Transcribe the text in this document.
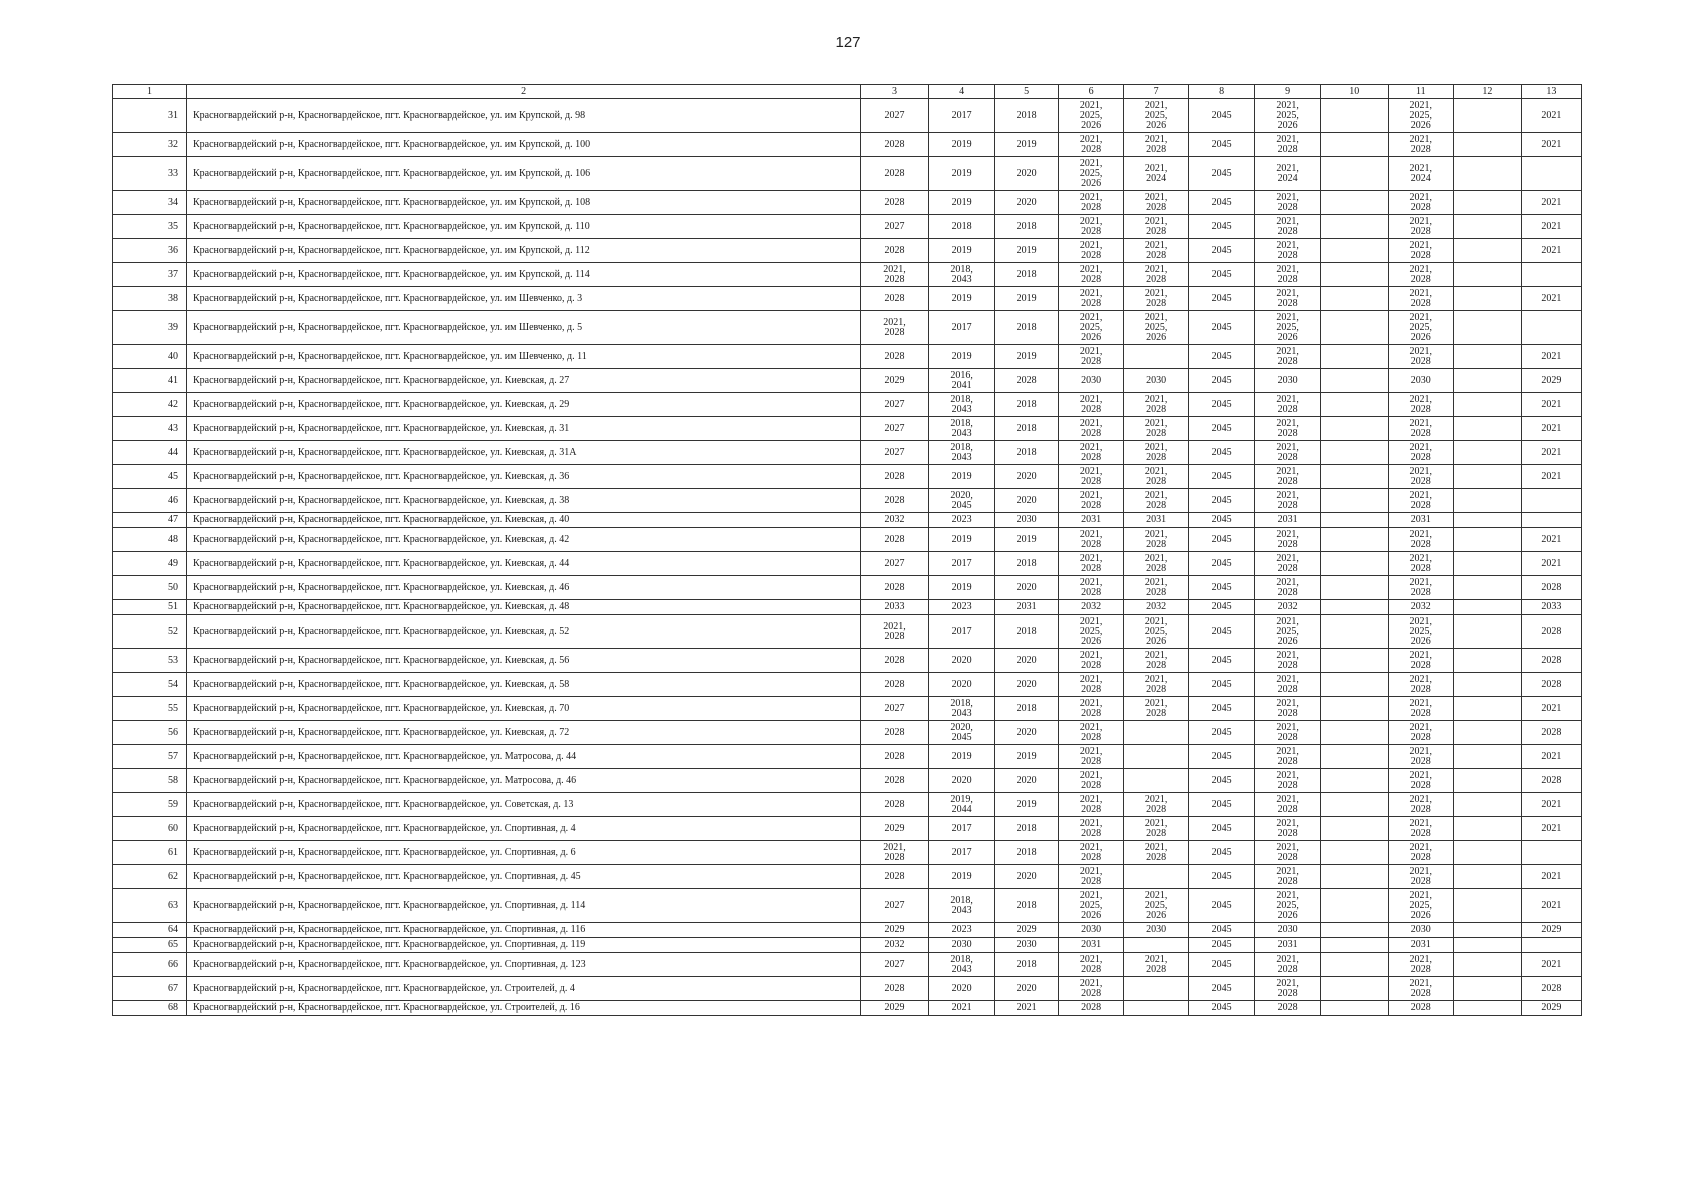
127
1	2	3	4	5	6	7	8	9	10	11	12	13
31	Красногвардейский р-н, Красногвардейское, пгт. Красногвардейское, ул. им Крупской, д. 98	2027	2017	2018	2021,
2025,
2026	2021,
2025,
2026	2045	2021,
2025,
2026		2021,
2025,
2026		2021
32	Красногвардейский р-н, Красногвардейское, пгт. Красногвардейское, ул. им Крупской, д. 100	2028	2019	2019	2021,
2028	2021,
2028	2045	2021,
2028		2021,
2028		2021
33	Красногвардейский р-н, Красногвардейское, пгт. Красногвардейское, ул. им Крупской, д. 106	2028	2019	2020	2021,
2025,
2026	2021,
2024	2045	2021,
2024		2021,
2024		
34	Красногвардейский р-н, Красногвардейское, пгт. Красногвардейское, ул. им Крупской, д. 108	2028	2019	2020	2021,
2028	2021,
2028	2045	2021,
2028		2021,
2028		2021
35	Красногвардейский р-н, Красногвардейское, пгт. Красногвардейское, ул. им Крупской, д. 110	2027	2018	2018	2021,
2028	2021,
2028	2045	2021,
2028		2021,
2028		2021
36	Красногвардейский р-н, Красногвардейское, пгт. Красногвардейское, ул. им Крупской, д. 112	2028	2019	2019	2021,
2028	2021,
2028	2045	2021,
2028		2021,
2028		2021
37	Красногвардейский р-н, Красногвардейское, пгт. Красногвардейское, ул. им Крупской, д. 114	2021,
2028	2018,
2043	2018	2021,
2028	2021,
2028	2045	2021,
2028		2021,
2028		
38	Красногвардейский р-н, Красногвардейское, пгт. Красногвардейское, ул. им Шевченко, д. 3	2028	2019	2019	2021,
2028	2021,
2028	2045	2021,
2028		2021,
2028		2021
39	Красногвардейский р-н, Красногвардейское, пгт. Красногвардейское, ул. им Шевченко, д. 5	2021,
2028	2017	2018	2021,
2025,
2026	2021,
2025,
2026	2045	2021,
2025,
2026		2021,
2025,
2026		
40	Красногвардейский р-н, Красногвардейское, пгт. Красногвардейское, ул. им Шевченко, д. 11	2028	2019	2019	2021,
2028		2045	2021,
2028		2021,
2028		2021
41	Красногвардейский р-н, Красногвардейское, пгт. Красногвардейское, ул. Киевская, д. 27	2029	2016,
2041	2028	2030	2030	2045	2030		2030		2029
42	Красногвардейский р-н, Красногвардейское, пгт. Красногвардейское, ул. Киевская, д. 29	2027	2018,
2043	2018	2021,
2028	2021,
2028	2045	2021,
2028		2021,
2028		2021
43	Красногвардейский р-н, Красногвардейское, пгт. Красногвардейское, ул. Киевская, д. 31	2027	2018,
2043	2018	2021,
2028	2021,
2028	2045	2021,
2028		2021,
2028		2021
44	Красногвардейский р-н, Красногвардейское, пгт. Красногвардейское, ул. Киевская, д. 31А	2027	2018,
2043	2018	2021,
2028	2021,
2028	2045	2021,
2028		2021,
2028		2021
45	Красногвардейский р-н, Красногвардейское, пгт. Красногвардейское, ул. Киевская, д. 36	2028	2019	2020	2021,
2028	2021,
2028	2045	2021,
2028		2021,
2028		2021
46	Красногвардейский р-н, Красногвардейское, пгт. Красногвардейское, ул. Киевская, д. 38	2028	2020,
2045	2020	2021,
2028	2021,
2028	2045	2021,
2028		2021,
2028		
47	Красногвардейский р-н, Красногвардейское, пгт. Красногвардейское, ул. Киевская, д. 40	2032	2023	2030	2031	2031	2045	2031		2031		
48	Красногвардейский р-н, Красногвардейское, пгт. Красногвардейское, ул. Киевская, д. 42	2028	2019	2019	2021,
2028	2021,
2028	2045	2021,
2028		2021,
2028		2021
49	Красногвардейский р-н, Красногвардейское, пгт. Красногвардейское, ул. Киевская, д. 44	2027	2017	2018	2021,
2028	2021,
2028	2045	2021,
2028		2021,
2028		2021
50	Красногвардейский р-н, Красногвардейское, пгт. Красногвардейское, ул. Киевская, д. 46	2028	2019	2020	2021,
2028	2021,
2028	2045	2021,
2028		2021,
2028		2028
51	Красногвардейский р-н, Красногвардейское, пгт. Красногвардейское, ул. Киевская, д. 48	2033	2023	2031	2032	2032	2045	2032		2032		2033
52	Красногвардейский р-н, Красногвардейское, пгт. Красногвардейское, ул. Киевская, д. 52	2021,
2028	2017	2018	2021,
2025,
2026	2021,
2025,
2026	2045	2021,
2025,
2026		2021,
2025,
2026		2028
53	Красногвардейский р-н, Красногвардейское, пгт. Красногвардейское, ул. Киевская, д. 56	2028	2020	2020	2021,
2028	2021,
2028	2045	2021,
2028		2021,
2028		2028
54	Красногвардейский р-н, Красногвардейское, пгт. Красногвардейское, ул. Киевская, д. 58	2028	2020	2020	2021,
2028	2021,
2028	2045	2021,
2028		2021,
2028		2028
55	Красногвардейский р-н, Красногвардейское, пгт. Красногвардейское, ул. Киевская, д. 70	2027	2018,
2043	2018	2021,
2028	2021,
2028	2045	2021,
2028		2021,
2028		2021
56	Красногвардейский р-н, Красногвардейское, пгт. Красногвардейское, ул. Киевская, д. 72	2028	2020,
2045	2020	2021,
2028		2045	2021,
2028		2021,
2028		2028
57	Красногвардейский р-н, Красногвардейское, пгт. Красногвардейское, ул. Матросова, д. 44	2028	2019	2019	2021,
2028		2045	2021,
2028		2021,
2028		2021
58	Красногвардейский р-н, Красногвардейское, пгт. Красногвардейское, ул. Матросова, д. 46	2028	2020	2020	2021,
2028		2045	2021,
2028		2021,
2028		2028
59	Красногвардейский р-н, Красногвардейское, пгт. Красногвардейское, ул. Советская, д. 13	2028	2019,
2044	2019	2021,
2028	2021,
2028	2045	2021,
2028		2021,
2028		2021
60	Красногвардейский р-н, Красногвардейское, пгт. Красногвардейское, ул. Спортивная, д. 4	2029	2017	2018	2021,
2028	2021,
2028	2045	2021,
2028		2021,
2028		2021
61	Красногвардейский р-н, Красногвардейское, пгт. Красногвардейское, ул. Спортивная, д. 6	2021,
2028	2017	2018	2021,
2028	2021,
2028	2045	2021,
2028		2021,
2028		
62	Красногвардейский р-н, Красногвардейское, пгт. Красногвардейское, ул. Спортивная, д. 45	2028	2019	2020	2021,
2028		2045	2021,
2028		2021,
2028		2021
63	Красногвардейский р-н, Красногвардейское, пгт. Красногвардейское, ул. Спортивная, д. 114	2027	2018,
2043	2018	2021,
2025,
2026	2021,
2025,
2026	2045	2021,
2025,
2026		2021,
2025,
2026		2021
64	Красногвардейский р-н, Красногвардейское, пгт. Красногвардейское, ул. Спортивная, д. 116	2029	2023	2029	2030	2030	2045	2030		2030		2029
65	Красногвардейский р-н, Красногвардейское, пгт. Красногвардейское, ул. Спортивная, д. 119	2032	2030	2030	2031		2045	2031		2031		
66	Красногвардейский р-н, Красногвардейское, пгт. Красногвардейское, ул. Спортивная, д. 123	2027	2018,
2043	2018	2021,
2028	2021,
2028	2045	2021,
2028		2021,
2028		2021
67	Красногвардейский р-н, Красногвардейское, пгт. Красногвардейское, ул. Строителей, д. 4	2028	2020	2020	2021,
2028		2045	2021,
2028		2021,
2028		2028
68	Красногвардейский р-н, Красногвардейское, пгт. Красногвардейское, ул. Строителей, д. 16	2029	2021	2021	2028		2045	2028		2028		2029
